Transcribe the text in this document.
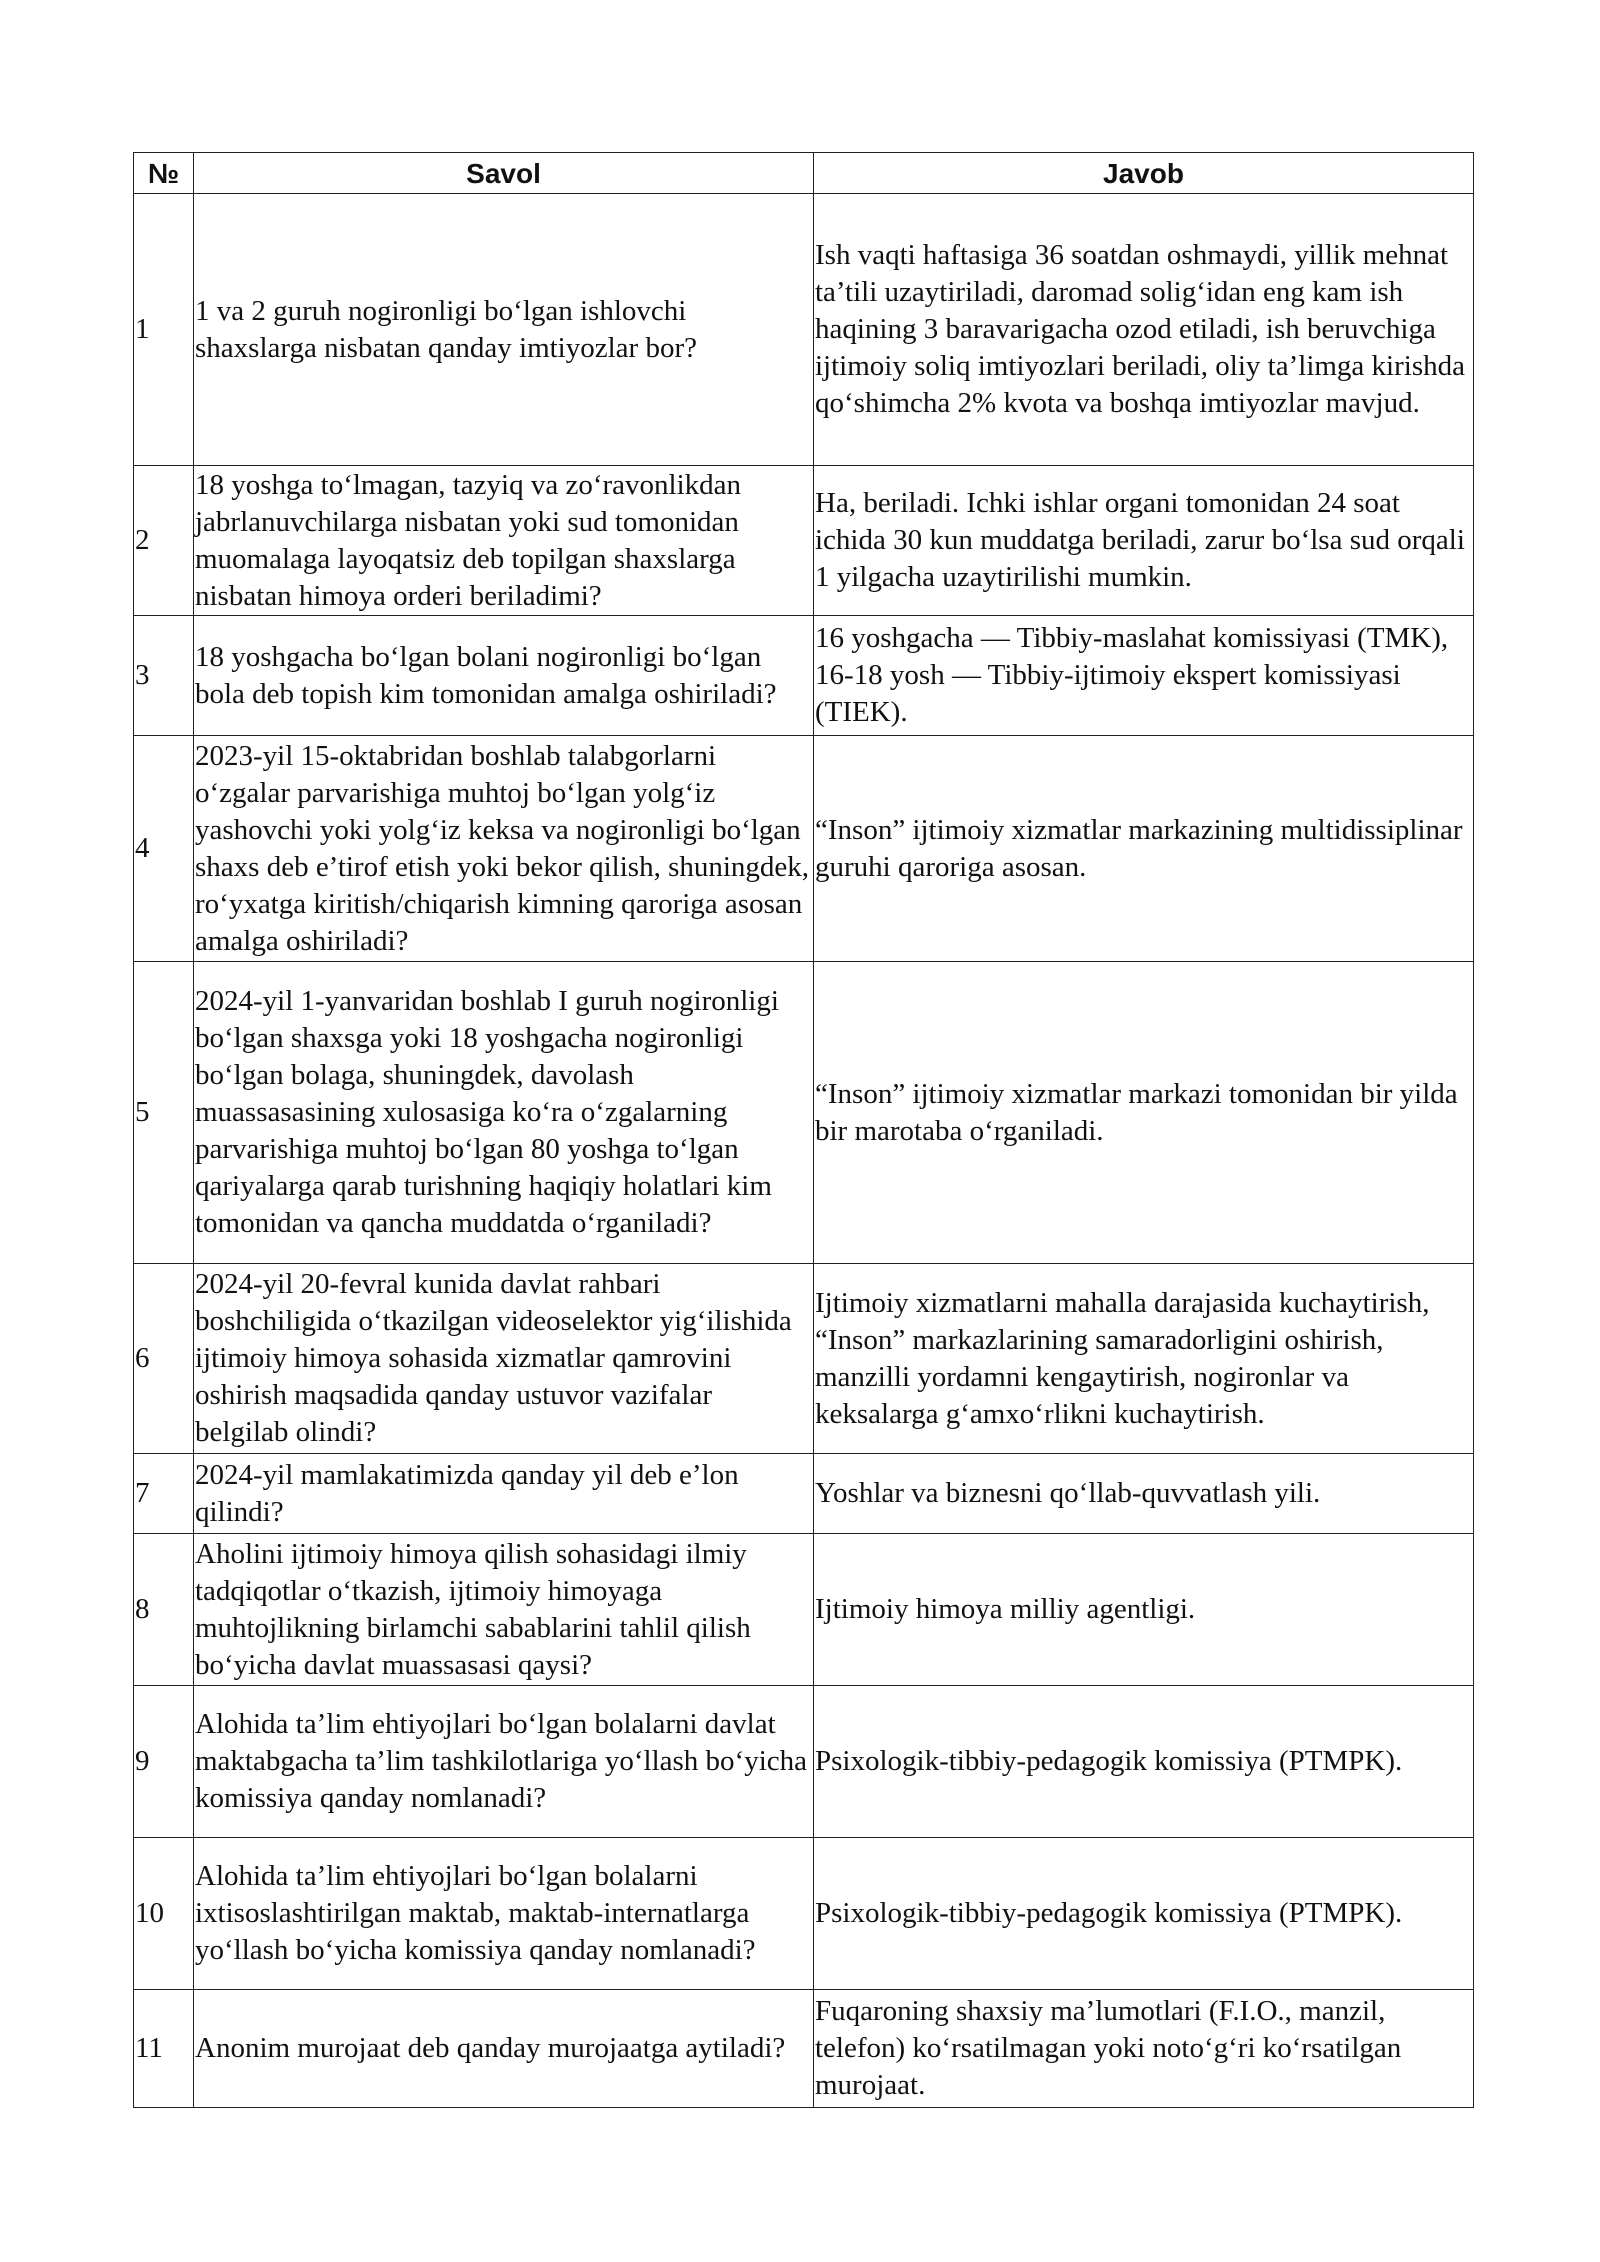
№	Savol	Javob
1	1 va 2 guruh nogironligi bo‘lgan ishlovchi shaxslarga nisbatan qanday imtiyozlar bor?	Ish vaqti haftasiga 36 soatdan oshmaydi, yillik mehnat ta’tili uzaytiriladi, daromad solig‘idan eng kam ish haqining 3 baravarigacha ozod etiladi, ish beruvchiga ijtimoiy soliq imtiyozlari beriladi, oliy ta’limga kirishda qo‘shimcha 2% kvota va boshqa imtiyozlar mavjud.
2	18 yoshga to‘lmagan, tazyiq va zo‘ravonlikdan jabrlanuvchilarga nisbatan yoki sud tomonidan muomalaga layoqatsiz deb topilgan shaxslarga nisbatan himoya orderi beriladimi?	Ha, beriladi. Ichki ishlar organi tomonidan 24 soat ichida 30 kun muddatga beriladi, zarur bo‘lsa sud orqali 1 yilgacha uzaytirilishi mumkin.
3	18 yoshgacha bo‘lgan bolani nogironligi bo‘lgan bola deb topish kim tomonidan amalga oshiriladi?	16 yoshgacha — Tibbiy-maslahat komissiyasi (TMK), 16-18 yosh — Tibbiy-ijtimoiy ekspert komissiyasi (TIEK).
4	2023-yil 15-oktabridan boshlab talabgorlarni o‘zgalar parvarishiga muhtoj bo‘lgan yolg‘iz yashovchi yoki yolg‘iz keksa va nogironligi bo‘lgan shaxs deb e’tirof etish yoki bekor qilish, shuningdek, ro‘yxatga kiritish/chiqarish kimning qaroriga asosan amalga oshiriladi?	“Inson” ijtimoiy xizmatlar markazining multidissiplinar guruhi qaroriga asosan.
5	2024-yil 1-yanvaridan boshlab I guruh nogironligi bo‘lgan shaxsga yoki 18 yoshgacha nogironligi bo‘lgan bolaga, shuningdek, davolash muassasasining xulosasiga ko‘ra o‘zgalarning parvarishiga muhtoj bo‘lgan 80 yoshga to‘lgan qariyalarga qarab turishning haqiqiy holatlari kim tomonidan va qancha muddatda o‘rganiladi?	“Inson” ijtimoiy xizmatlar markazi tomonidan bir yilda bir marotaba o‘rganiladi.
6	2024-yil 20-fevral kunida davlat rahbari boshchiligida o‘tkazilgan videoselektor yig‘ilishida ijtimoiy himoya sohasida xizmatlar qamrovini oshirish maqsadida qanday ustuvor vazifalar belgilab olindi?	Ijtimoiy xizmatlarni mahalla darajasida kuchaytirish, “Inson” markazlarining samaradorligini oshirish, manzilli yordamni kengaytirish, nogironlar va keksalarga g‘amxo‘rlikni kuchaytirish.
7	2024-yil mamlakatimizda qanday yil deb e’lon qilindi?	Yoshlar va biznesni qo‘llab-quvvatlash yili.
8	Aholini ijtimoiy himoya qilish sohasidagi ilmiy tadqiqotlar o‘tkazish, ijtimoiy himoyaga muhtojlikning birlamchi sabablarini tahlil qilish bo‘yicha davlat muassasasi qaysi?	Ijtimoiy himoya milliy agentligi.
9	Alohida ta’lim ehtiyojlari bo‘lgan bolalarni davlat maktabgacha ta’lim tashkilotlariga yo‘llash bo‘yicha komissiya qanday nomlanadi?	Psixologik-tibbiy-pedagogik komissiya (PTMPK).
10	Alohida ta’lim ehtiyojlari bo‘lgan bolalarni ixtisoslashtirilgan maktab, maktab-internatlarga yo‘llash bo‘yicha komissiya qanday nomlanadi?	Psixologik-tibbiy-pedagogik komissiya (PTMPK).
11	Anonim murojaat deb qanday murojaatga aytiladi?	Fuqaroning shaxsiy ma’lumotlari (F.I.O., manzil, telefon) ko‘rsatilmagan yoki noto‘g‘ri ko‘rsatilgan murojaat.
